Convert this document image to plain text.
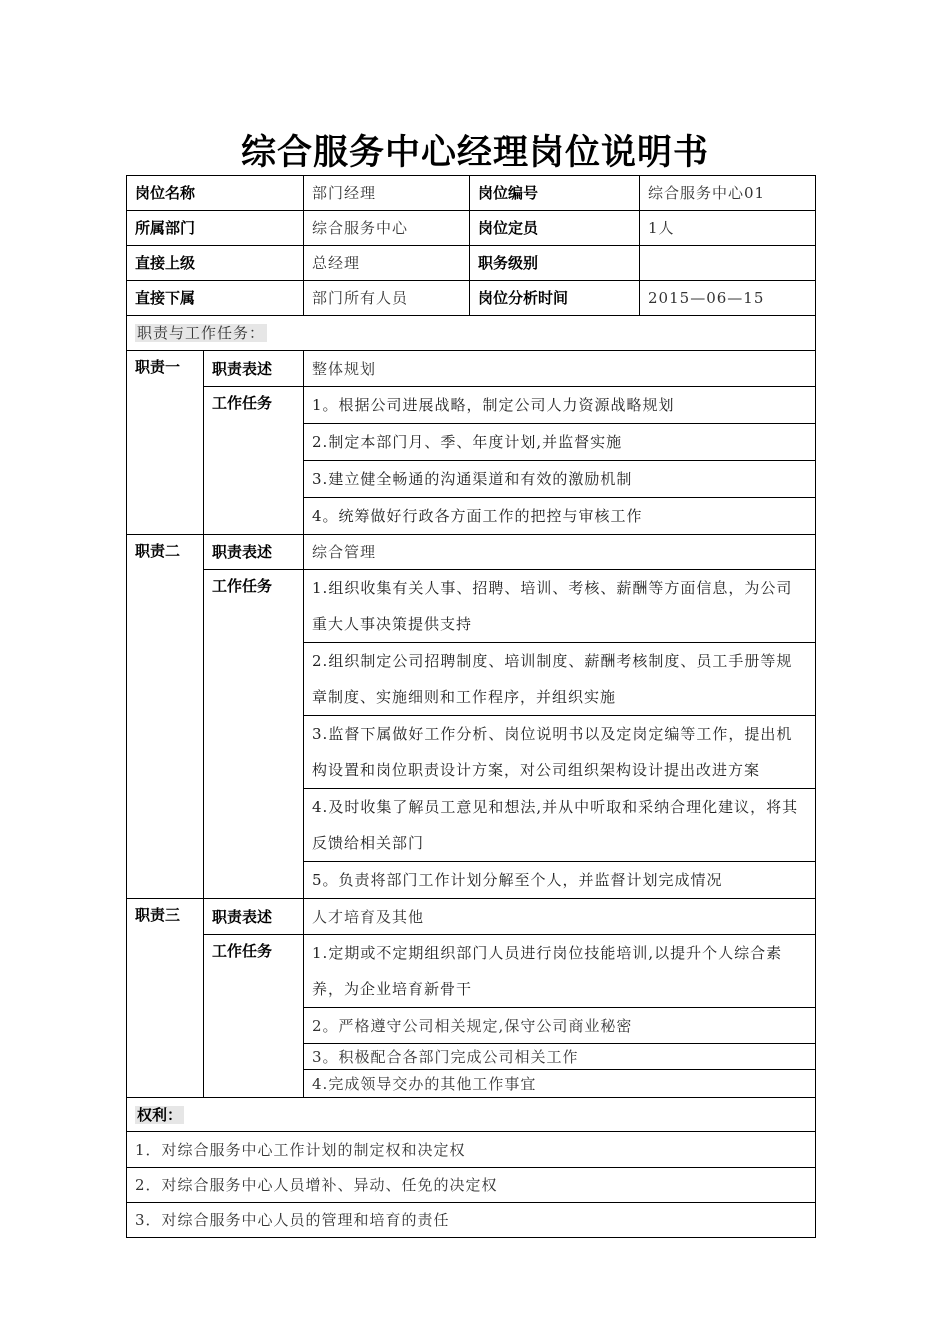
综合服务中心经理岗位说明书
岗位名称		部门经理	岗位编号	综合服务中心01
所属部门		综合服务中心	岗位定员	1人
直接上级		总经理	职务级别	
直接下属		部门所有人员	岗位分析时间	2015—06—15
职责与工作任务：				
职责一	职责表述	整体规划		
	工作任务	1。根据公司进展战略，制定公司人力资源战略规划		
		2.制定本部门月、季、年度计划,并监督实施		
		3.建立健全畅通的沟通渠道和有效的激励机制		
		4。统筹做好行政各方面工作的把控与审核工作		
职责二	职责表述	综合管理		
	工作任务	1.组织收集有关人事、招聘、培训、考核、薪酬等方面信息，为公司重大人事决策提供支持		
		2.组织制定公司招聘制度、培训制度、薪酬考核制度、员工手册等规章制度、实施细则和工作程序，并组织实施		
		3.监督下属做好工作分析、岗位说明书以及定岗定编等工作，提出机构设置和岗位职责设计方案，对公司组织架构设计提出改进方案		
		4.及时收集了解员工意见和想法,并从中听取和采纳合理化建议，将其反馈给相关部门		
		5。负责将部门工作计划分解至个人，并监督计划完成情况		
职责三	职责表述	人才培育及其他		
	工作任务	1.定期或不定期组织部门人员进行岗位技能培训,以提升个人综合素养，为企业培育新骨干		
		2。严格遵守公司相关规定,保守公司商业秘密		
		3。积极配合各部门完成公司相关工作		
		4.完成领导交办的其他工作事宜		
权利：				
1．对综合服务中心工作计划的制定权和决定权				
2．对综合服务中心人员增补、异动、任免的决定权				
3．对综合服务中心人员的管理和培育的责任				
